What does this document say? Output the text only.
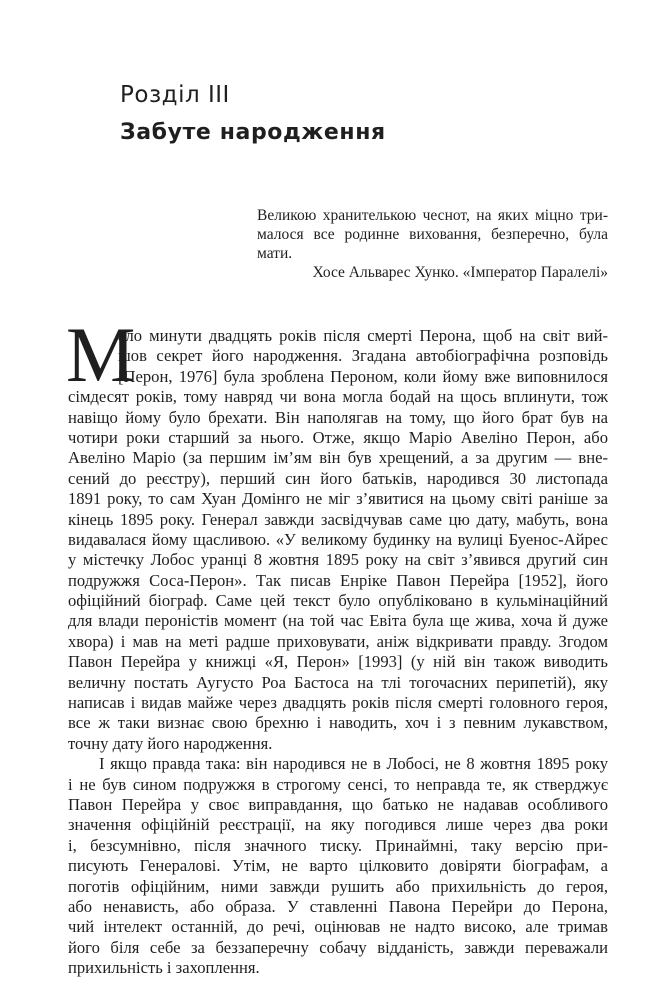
Розділ III
Забуте народження
Великою хранителькою чеснот, на яких міцно три-
малося все родинне виховання, безперечно, була
мати.
Хосе Альварес Хунко. «Імператор Паралелі»
М
ало минути двадцять років після смерті Перона, щоб на світ вий-
шов секрет його народження. Згадана автобіографічна розповідь
[Перон, 1976] була зроблена Пероном, коли йому вже виповнилося
сімдесят років, тому навряд чи вона могла бодай на щось вплинути, тож
навіщо йому було брехати. Він наполягав на тому, що його брат був на
чотири роки старший за нього. Отже, якщо Маріо Авеліно Перон, або
Авеліно Маріо (за першим ім’ям він був хрещений, а за другим — вне-
сений до реєстру), перший син його батьків, народився 30 листопада
1891 року, то сам Хуан Домінго не міг з’явитися на цьому світі раніше за
кінець 1895 року. Генерал завжди засвідчував саме цю дату, мабуть, вона
видавалася йому щасливою. «У великому будинку на вулиці Буенос-Айрес
у містечку Лобос уранці 8 жовтня 1895 року на світ з’явився другий син
подружжя Соса-Перон». Так писав Енріке Павон Перейра [1952], його
офіційний біограф. Саме цей текст було опубліковано в кульмінаційний
для влади пероністів момент (на той час Евіта була ще жива, хоча й дуже
хвора) і мав на меті радше приховувати, аніж відкривати правду. Згодом
Павон Перейра у книжці «Я, Перон» [1993] (у ній він також виводить
величну постать Аугусто Роа Бастоса на тлі тогочасних перипетій), яку
написав і видав майже через двадцять років після смерті головного героя,
все ж таки визнає свою брехню і наводить, хоч і з певним лукавством,
точну дату його народження.
І якщо правда така: він народився не в Лобосі, не 8 жовтня 1895 року
і не був сином подружжя в строгому сенсі, то неправда те, як стверджує
Павон Перейра у своє виправдання, що батько не надавав особливого
значення офіційній реєстрації, на яку погодився лише через два роки
і, безсумнівно, після значного тиску. Принаймні, таку версію при-
писують Генералові. Утім, не варто цілковито довіряти біографам, а
поготів офіційним, ними завжди рушить або прихильність до героя,
або ненависть, або образа. У ставленні Павона Перейри до Перона,
чий інтелект останній, до речі, оцінював не надто високо, але тримав
його біля себе за беззаперечну собачу відданість, завжди переважали
прихильність і захоплення.
